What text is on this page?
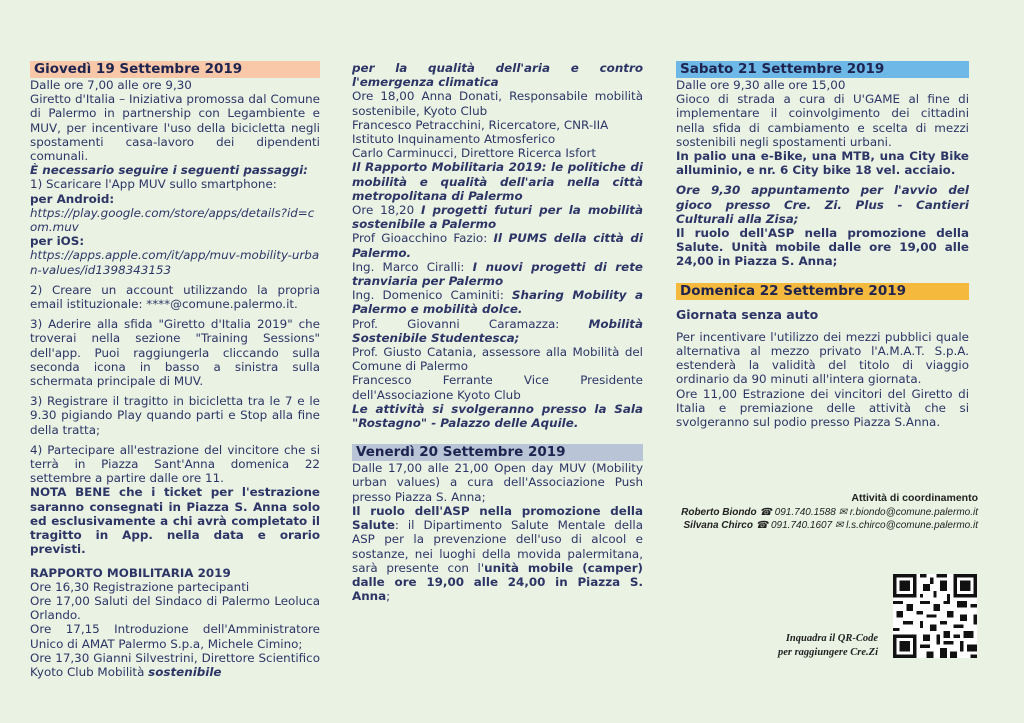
Giovedì 19 Settembre 2019

Dalle ore 7,00 alle ore 9,30

Giretto d'Italia – Iniziativa promossa dal Comune di Palermo in partnership con Legambiente e MUV, per incentivare l'uso della bicicletta negli spostamenti casa-lavoro dei dipendenti comunali.

È necessario seguire i seguenti passaggi:

1) Scaricare l'App MUV sullo smartphone:

per Android:

https://play.google.com/store/apps/details?id=com.muv

per iOS:

https://apps.apple.com/it/app/muv-mobility-urban-values/id1398343153

2) Creare un account utilizzando la propria email istituzionale: ****@comune.palermo.it.

3) Aderire alla sfida "Giretto d'Italia 2019" che troverai nella sezione "Training Sessions" dell'app. Puoi raggiungerla cliccando sulla seconda icona in basso a sinistra sulla schermata principale di MUV.

3) Registrare il tragitto in bicicletta tra le 7 e le 9.30 pigiando Play quando parti e Stop alla fine della tratta;

4) Partecipare all'estrazione del vincitore che si terrà in Piazza Sant'Anna domenica 22 settembre a partire dalle ore 11.

NOTA BENE che i ticket per l'estrazione saranno consegnati in Piazza S. Anna solo ed esclusivamente a chi avrà completato il tragitto in App. nella data e orario previsti.

RAPPORTO MOBILITARIA 2019

Ore 16,30 Registrazione partecipanti

Ore 17,00 Saluti del Sindaco di Palermo Leoluca Orlando.

Ore 17,15 Introduzione dell'Amministratore Unico di AMAT Palermo S.p.a, Michele Cimino;

Ore 17,30 Gianni Silvestrini, Direttore Scientifico Kyoto Club Mobilità sostenibile

per la qualità dell'aria e contro l'emergenza climatica

Ore 18,00 Anna Donati, Responsabile mobilità sostenibile, Kyoto Club

Francesco Petracchini, Ricercatore, CNR-IIA Istituto Inquinamento Atmosferico

Carlo Carminucci, Direttore Ricerca Isfort

Il Rapporto Mobilitaria 2019: le politiche di mobilità e qualità dell'aria nella città metropolitana di Palermo

Ore 18,20 I progetti futuri per la mobilità sostenibile a Palermo

Prof Gioacchino Fazio: Il PUMS della città di Palermo.

Ing. Marco Ciralli: I nuovi progetti di rete tranviaria per Palermo

Ing. Domenico Caminiti: Sharing Mobility a Palermo e mobilità dolce.

Prof. Giovanni Caramazza: Mobilità Sostenibile Studentesca;

Prof. Giusto Catania, assessore alla Mobilità del Comune di Palermo

Francesco Ferrante Vice Presidente dell'Associazione Kyoto Club

Le attività si svolgeranno presso la Sala "Rostagno" - Palazzo delle Aquile.

Venerdì 20 Settembre 2019

Dalle 17,00 alle 21,00 Open day MUV (Mobility urban values) a cura dell'Associazione Push presso Piazza S. Anna;

Il ruolo dell'ASP nella promozione della Salute: il Dipartimento Salute Mentale della ASP per la prevenzione dell'uso di alcool e sostanze, nei luoghi della movida palermitana, sarà presente con l'unità mobile (camper) dalle ore 19,00 alle 24,00 in Piazza S. Anna;

Sabato 21 Settembre 2019

Dalle ore 9,30 alle ore 15,00

Gioco di strada a cura di U'GAME al fine di implementare il coinvolgimento dei cittadini nella sfida di cambiamento e scelta di mezzi sostenibili negli spostamenti urbani.

In palio una e-Bike, una MTB, una City Bike alluminio, e nr. 6 City bike 18 vel. acciaio.

Ore 9,30 appuntamento per l'avvio del gioco presso Cre. Zi. Plus - Cantieri Culturali alla Zisa;

Il ruolo dell'ASP nella promozione della Salute. Unità mobile dalle ore 19,00 alle 24,00 in Piazza S. Anna;

Domenica 22 Settembre 2019

Giornata senza auto

Per incentivare l'utilizzo dei mezzi pubblici quale alternativa al mezzo privato l'A.M.A.T. S.p.A. estenderà la validità del titolo di viaggio ordinario da 90 minuti all'intera giornata.

Ore 11,00 Estrazione dei vincitori del Giretto di Italia e premiazione delle attività che si svolgeranno sul podio presso Piazza S.Anna.

Attività di coordinamento
Roberto Biondo ☎ 091.740.1588 ✉ r.biondo@comune.palermo.it
Silvana Chirco ☎ 091.740.1607 ✉ l.s.chirco@comune.palermo.it
Inquadra il QR-Code
per raggiungere Cre.Zi
